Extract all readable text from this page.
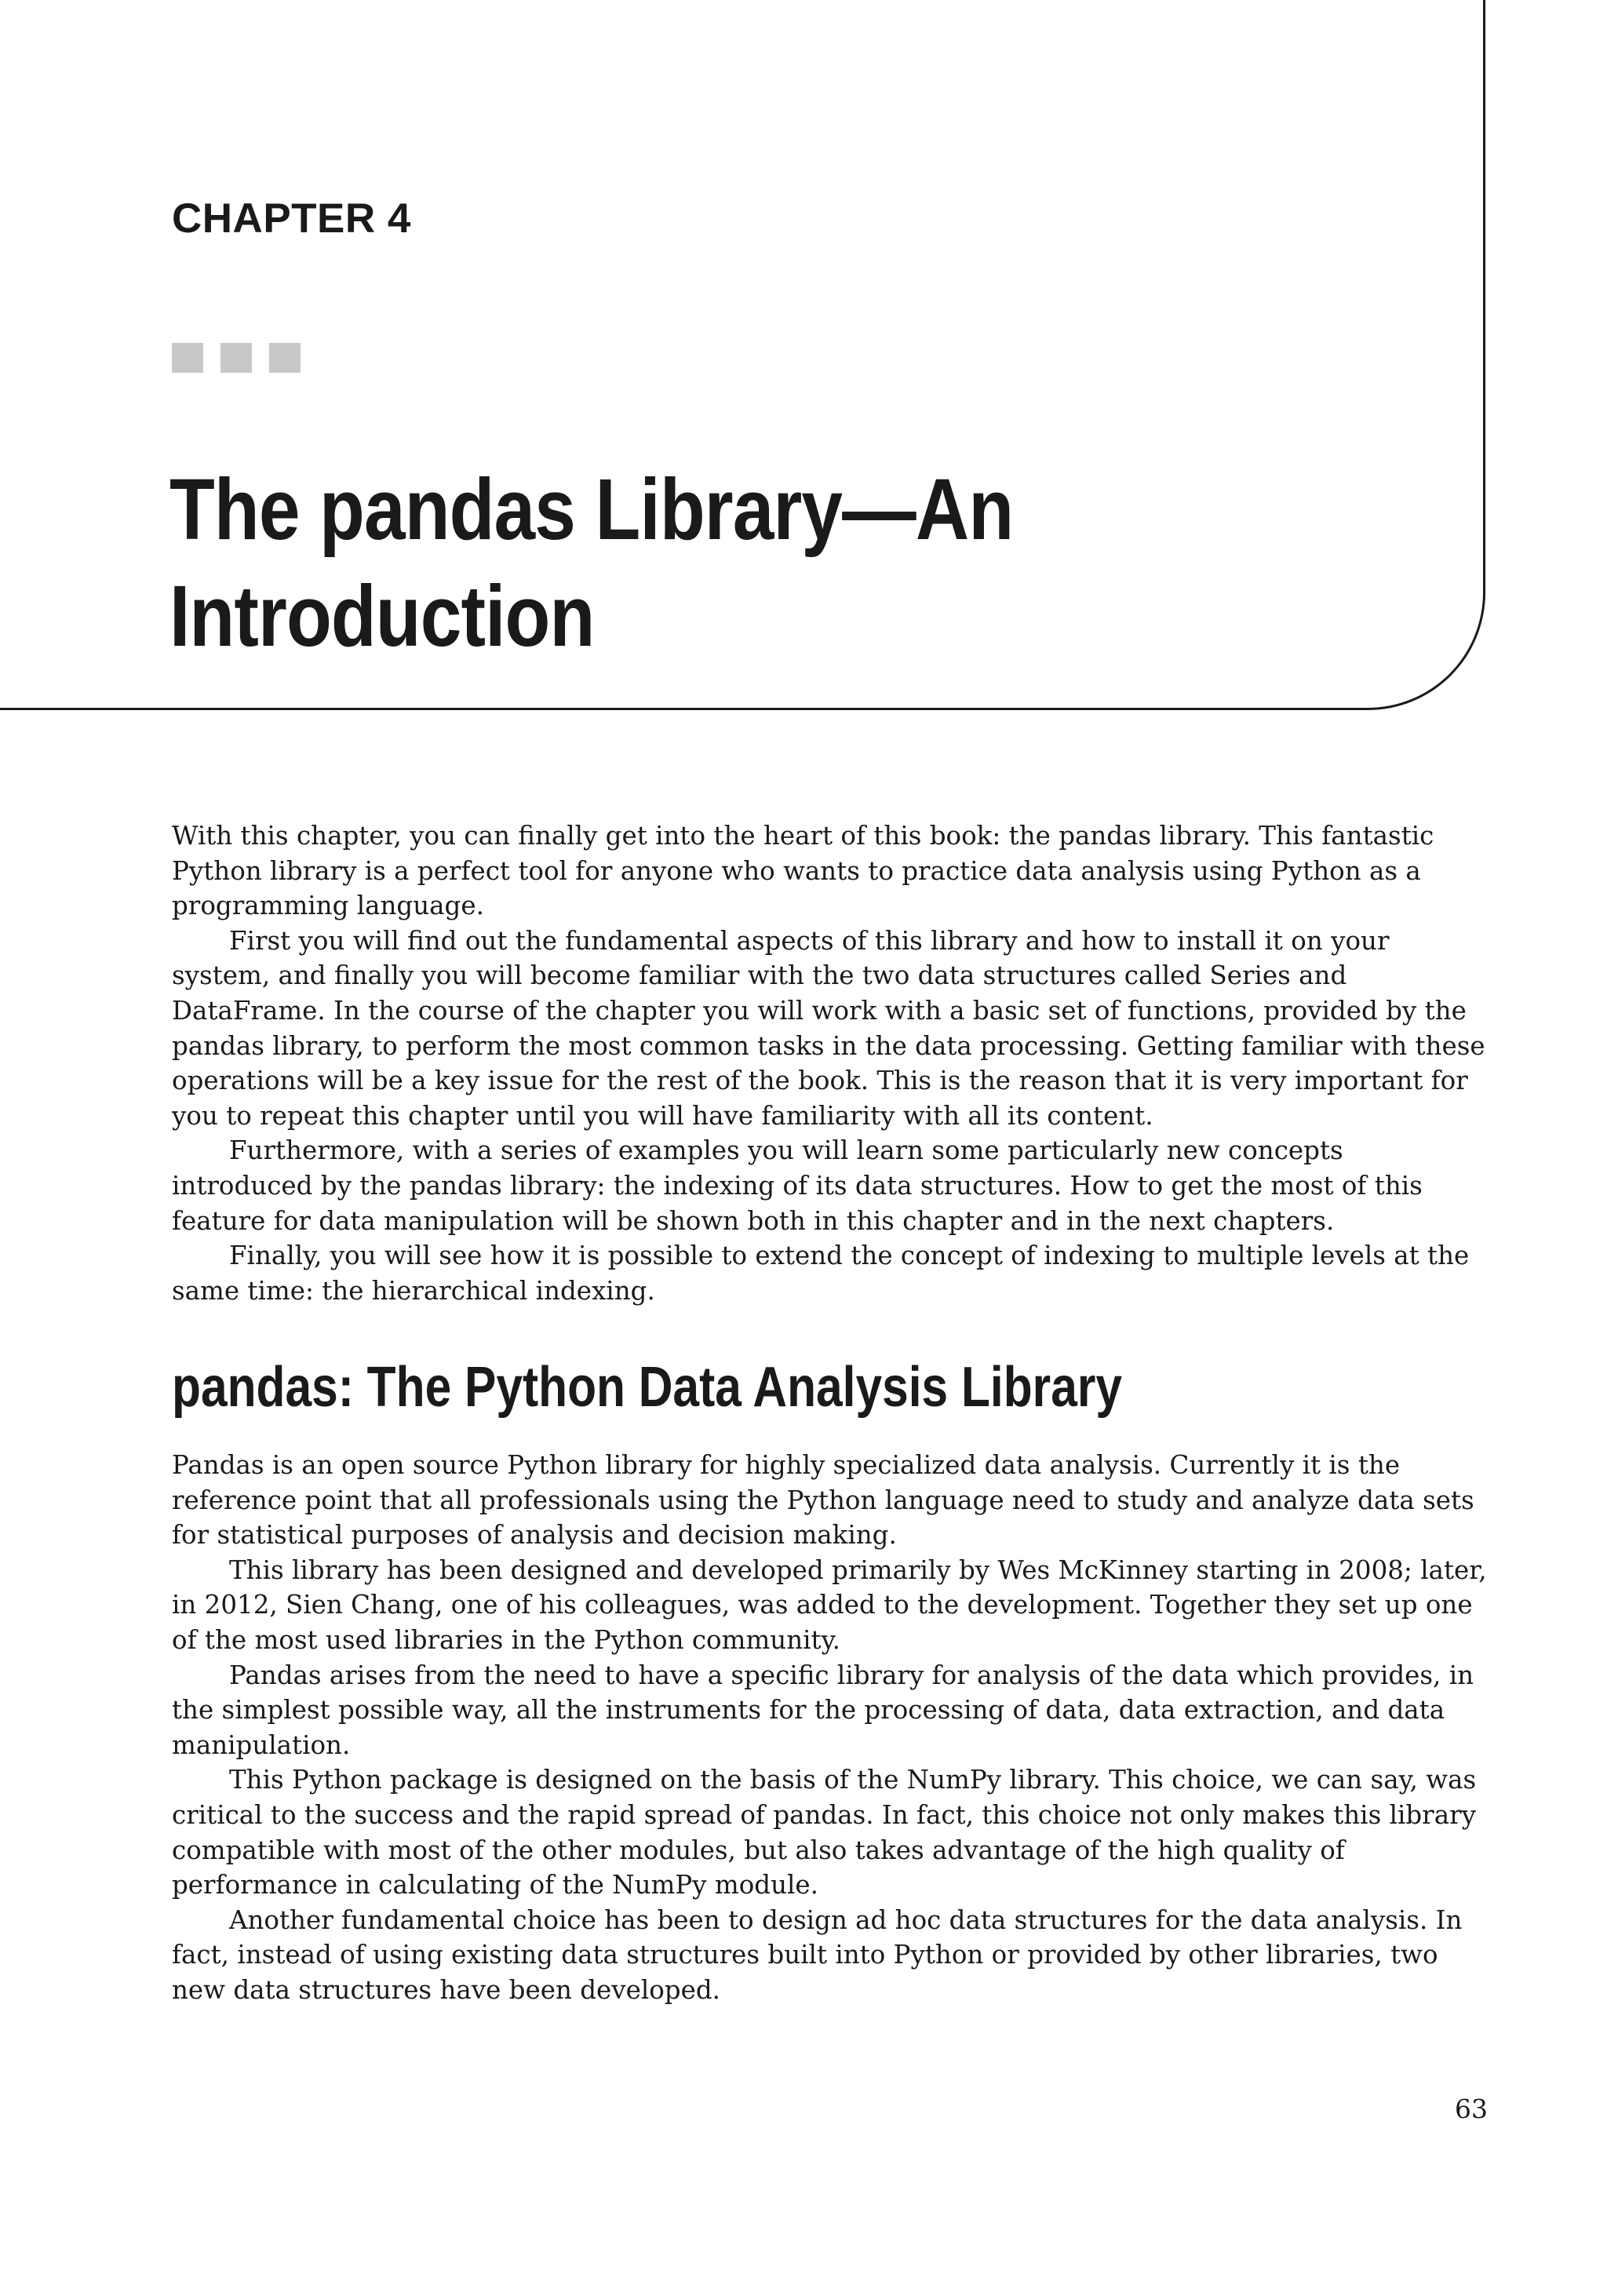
CHAPTER 4
The pandas Library—An
Introduction

With this chapter, you can finally get into the heart of this book: the pandas library. This fantastic Python library is a perfect tool for anyone who wants to practice data analysis using Python as a programming language.

First you will find out the fundamental aspects of this library and how to install it on your system, and finally you will become familiar with the two data structures called Series and DataFrame. In the course of the chapter you will work with a basic set of functions, provided by the pandas library, to perform the most common tasks in the data processing. Getting familiar with these operations will be a key issue for the rest of the book. This is the reason that it is very important for you to repeat this chapter until you will have familiarity with all its content.

Furthermore, with a series of examples you will learn some particularly new concepts introduced by the pandas library: the indexing of its data structures. How to get the most of this feature for data manipulation will be shown both in this chapter and in the next chapters.

Finally, you will see how it is possible to extend the concept of indexing to multiple levels at the same time: the hierarchical indexing.

pandas: The Python Data Analysis Library

Pandas is an open source Python library for highly specialized data analysis. Currently it is the reference point that all professionals using the Python language need to study and analyze data sets for statistical purposes of analysis and decision making.

This library has been designed and developed primarily by Wes McKinney starting in 2008; later, in 2012, Sien Chang, one of his colleagues, was added to the development. Together they set up one of the most used libraries in the Python community.

Pandas arises from the need to have a specific library for analysis of the data which provides, in the simplest possible way, all the instruments for the processing of data, data extraction, and data manipulation.

This Python package is designed on the basis of the NumPy library. This choice, we can say, was critical to the success and the rapid spread of pandas. In fact, this choice not only makes this library compatible with most of the other modules, but also takes advantage of the high quality of performance in calculating of the NumPy module.

Another fundamental choice has been to design ad hoc data structures for the data analysis. In fact, instead of using existing data structures built into Python or provided by other libraries, two new data structures have been developed.

63
